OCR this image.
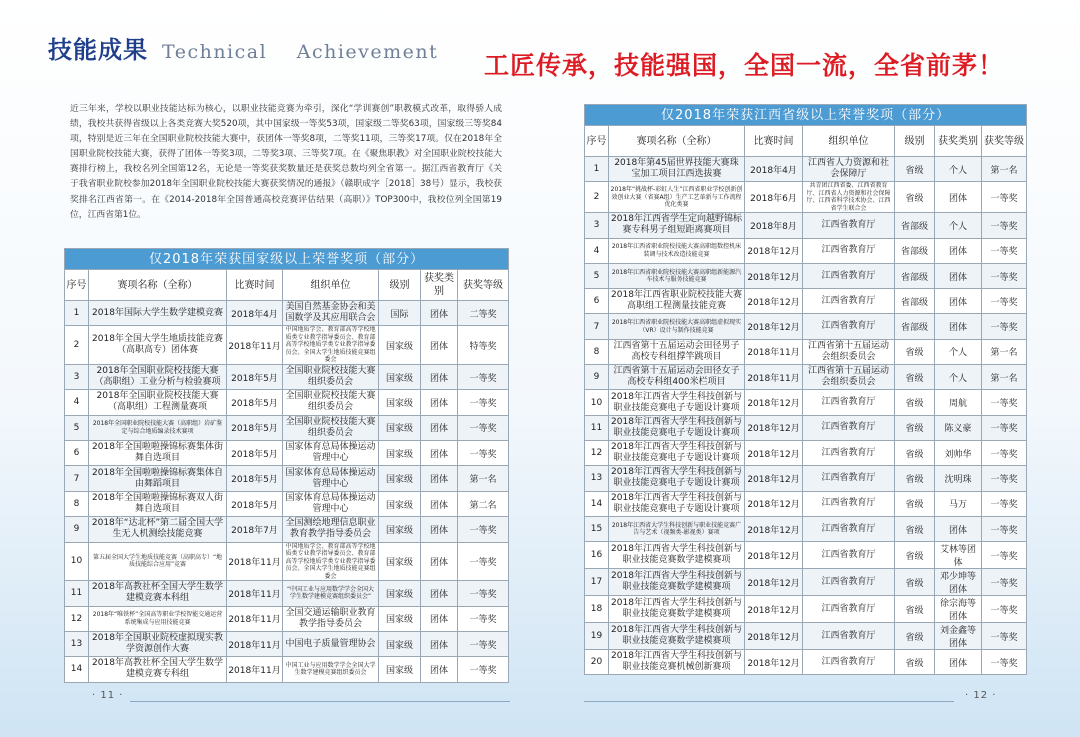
技能成果 Technical Achievement 工匠传承，技能强国，全国一流，全省前茅！

近三年来，学校以职业技能达标为核心，以职业技能竞赛为牵引，深化“学训赛创”职教模式改革，取得骄人成绩，我校共获得省级以上各类竞赛大奖520项，其中国家级一等奖53项，国家级二等奖63项，国家级三等奖84项，特别是近三年在全国职业院校技能大赛中，获团体一等奖8项，二等奖11项，三等奖17项。仅在2018年全国职业院校技能大赛，获得了团体一等奖3项，二等奖3项、三等奖7项。在《聚焦职教》对全国职业院校技能大赛排行榜上，我校名列全国第12名，无论是一等奖获奖数量还是获奖总数均列全省第一。据江西省教育厅《关于我省职业院校参加2018年全国职业院校技能大赛获奖情况的通报》（赣职成字［2018］38号）显示，我校获奖排名江西省第一。在《2014-2018年全国普通高校竞赛评估结果（高职）》TOP300中，我校位列全国第19位，江西省第1位。

仅2018年荣获国家级以上荣誉奖项（部分）						
序号	赛项名称（全称）	比赛时间	组织单位	级别	获奖类别	获奖等级
1	2018年国际大学生数学建模竞赛	2018年4月	美国自然基金协会和美国数学及其应用联合会	国际	团体	二等奖
2	2018年全国大学生地质技能竞赛（高职高专）团体赛	2018年11月	中国地质学会、教育部高等学校地质类专业教学指导委员会、教育部高等学校地质学类专业教学指导委员会、全国大学生地质技能竞赛组委会	国家级	团体	特等奖
3	2018年全国职业院校技能大赛（高职组）工业分析与检验赛项	2018年5月	全国职业院校技能大赛组织委员会	国家级	团体	一等奖
4	2018年全国职业院校技能大赛（高职组）工程测量赛项	2018年5月	全国职业院校技能大赛组织委员会	国家级	团体	一等奖
5	2018年全国职业院校技能大赛（高职组）岩矿鉴定与综合地质编录技术赛项	2018年5月	全国职业院校技能大赛组织委员会	国家级	团体	一等奖
6	2018年全国啦啦操锦标赛集体街舞自选项目	2018年5月	国家体育总局体操运动管理中心	国家级	团体	一等奖
7	2018年全国啦啦操锦标赛集体自由舞蹈项目	2018年5月	国家体育总局体操运动管理中心	国家级	团体	第一名
8	2018年全国啦啦操锦标赛双人街舞自选项目	2018年5月	国家体育总局体操运动管理中心	国家级	团体	第二名
9	2018年“达北杯”第二届全国大学生无人机测绘技能竞赛	2018年7月	全国测绘地理信息职业教育教学指导委员会	国家级	团体	一等奖
10	第五届全国大学生地质技能竞赛（高职高专）“地质技能综合应用”竞赛	2018年11月	中国地质学会、教育部高等学校地质类专业教学指导委员会、教育部高等学校地质学类专业教学指导委员会、全国大学生地质技能竞赛组委会	国家级	团体	一等奖
11	2018年高教社杯全国大学生数学建模竞赛本科组	2018年11月	“中国工业与应用数学学会全国大学生数学建模竞赛组织委员会”	国家级	团体	一等奖
12	2018年“唯铁杯”全国高等职业学校智能交通运营系统集成与应用技能竞赛	2018年11月	全国交通运输职业教育教学指导委员会	国家级	团体	一等奖
13	2018年全国职业院校虚拟现实教学资源创作大赛	2018年11月	中国电子质量管理协会	国家级	团体	一等奖
14	2018年高教社杯全国大学生数学建模竞赛专科组	2018年11月	中国工业与应用数学学会全国大学生数学建模竞赛组织委员会	国家级	团体	一等奖
仅2018年荣获江西省级以上荣誉奖项（部分）						
序号	赛项名称（全称）	比赛时间	组织单位	级别	获奖类别	获奖等级
1	2018年第45届世界技能大赛珠宝加工项目江西选拔赛	2018年4月	江西省人力资源和社会保障厅	省级	个人	第一名
2	2018年“挑战杯-彩虹人生”江西省职业学校创新创效创业大赛（省赛A组）生产工艺革新与工作流程优化类赛	2018年6月	共青团江西省委、江西省教育厅、江西省人力资源和社会保障厅、江西省科学技术协会、江西省学生联合会	省级	团体	一等奖
3	2018年江西省学生定向越野锦标赛专科男子组短距离赛项目	2018年8月	江西省教育厅	省部级	个人	一等奖
4	2018年江西省职业院校技能大赛高职组数控机床装调与技术改造技能竞赛	2018年12月	江西省教育厅	省部级	团体	一等奖
5	2018年江西省职业院校技能大赛高职组新能源汽车技术与服务技能竞赛	2018年12月	江西省教育厅	省部级	团体	一等奖
6	2018年江西省职业院校技能大赛高职组工程测量技能竞赛	2018年12月	江西省教育厅	省部级	团体	一等奖
7	2018年江西省职业院校技能大赛高职组虚拟现实（VR）设计与制作技能竞赛	2018年12月	江西省教育厅	省部级	团体	一等奖
8	江西省第十五届运动会田径男子高校专科组撑竿跳项目	2018年11月	江西省第十五届运动会组织委员会	省级	个人	第一名
9	江西省第十五届运动会田径女子高校专科组400米栏项目	2018年11月	江西省第十五届运动会组织委员会	省级	个人	第一名
10	2018年江西省大学生科技创新与职业技能竞赛电子专题设计赛项	2018年12月	江西省教育厅	省级	周航	一等奖
11	2018年江西省大学生科技创新与职业技能竞赛电子专题设计赛项	2018年12月	江西省教育厅	省级	陈义豪	一等奖
12	2018年江西省大学生科技创新与职业技能竞赛电子专题设计赛项	2018年12月	江西省教育厅	省级	刘帅华	一等奖
13	2018年江西省大学生科技创新与职业技能竞赛电子专题设计赛项	2018年12月	江西省教育厅	省级	沈明珠	一等奖
14	2018年江西省大学生科技创新与职业技能竞赛电子专题设计赛项	2018年12月	江西省教育厅	省级	马万	一等奖
15	2018年江西省大学生科技创新与职业技能竞赛广告与艺术（视频类-影视类）赛项	2018年12月	江西省教育厅	省级	团体	一等奖
16	2018年江西省大学生科技创新与职业技能竞赛数学建模赛项	2018年12月	江西省教育厅	省级	艾林等团体	一等奖
17	2018年江西省大学生科技创新与职业技能竞赛数学建模赛项	2018年12月	江西省教育厅	省级	邓少坤等团体	一等奖
18	2018年江西省大学生科技创新与职业技能竞赛数学建模赛项	2018年12月	江西省教育厅	省级	徐宗海等团体	一等奖
19	2018年江西省大学生科技创新与职业技能竞赛数学建模赛项	2018年12月	江西省教育厅	省级	刘金鑫等团体	一等奖
20	2018年江西省大学生科技创新与职业技能竞赛机械创新赛项	2018年12月	江西省教育厅	省级	团体	一等奖
· 11 ·	· 12 ·
